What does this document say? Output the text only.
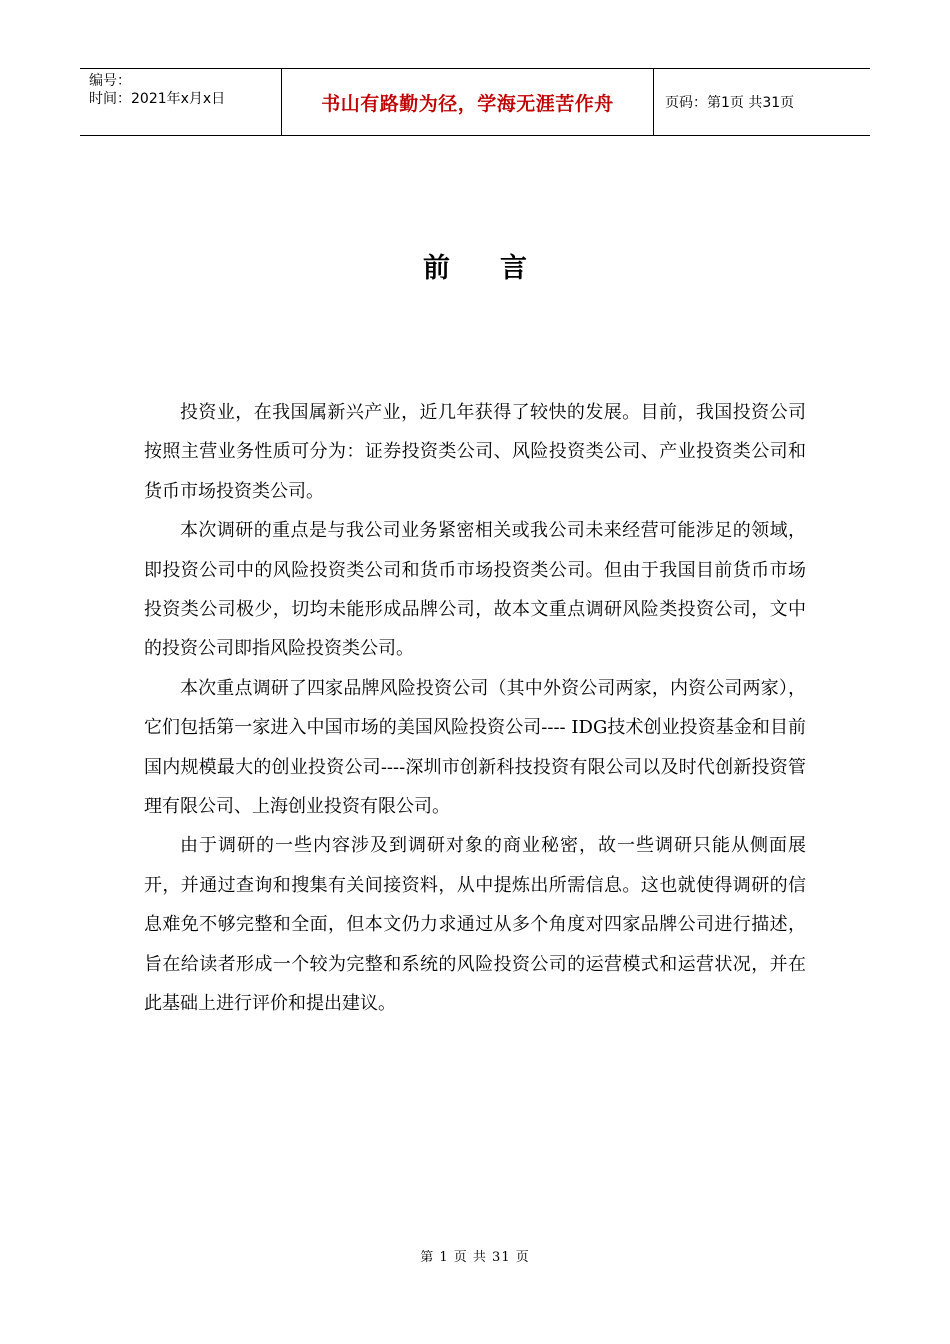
编号：
时间：2021年x月x日	书山有路勤为径，学海无涯苦作舟	页码：第1页 共31页
前言

投资业，在我国属新兴产业，近几年获得了较快的发展。目前，我国投资公司按照主营业务性质可分为：证券投资类公司、风险投资类公司、产业投资类公司和货币市场投资类公司。

本次调研的重点是与我公司业务紧密相关或我公司未来经营可能涉足的领域，即投资公司中的风险投资类公司和货币市场投资类公司。但由于我国目前货币市场投资类公司极少，切均未能形成品牌公司，故本文重点调研风险类投资公司，文中的投资公司即指风险投资类公司。

本次重点调研了四家品牌风险投资公司（其中外资公司两家，内资公司两家），它们包括第一家进入中国市场的美国风险投资公司---- IDG技术创业投资基金和目前国内规模最大的创业投资公司----深圳市创新科技投资有限公司以及时代创新投资管理有限公司、上海创业投资有限公司。

由于调研的一些内容涉及到调研对象的商业秘密，故一些调研只能从侧面展开，并通过查询和搜集有关间接资料，从中提炼出所需信息。这也就使得调研的信息难免不够完整和全面，但本文仍力求通过从多个角度对四家品牌公司进行描述，旨在给读者形成一个较为完整和系统的风险投资公司的运营模式和运营状况，并在此基础上进行评价和提出建议。

第 1 页 共 31 页
